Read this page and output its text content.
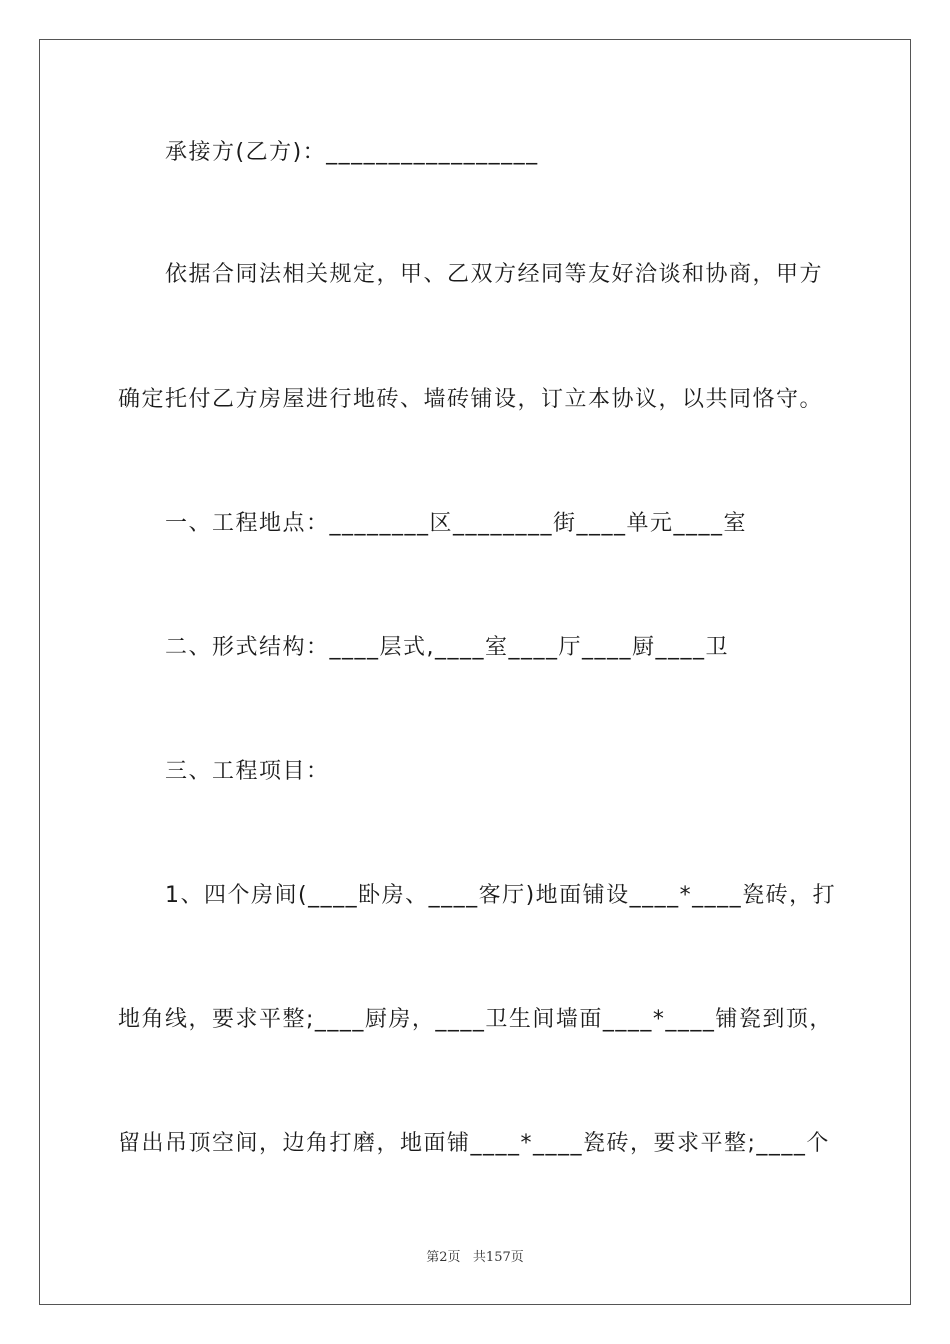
承接方(乙方)：_________________
依据合同法相关规定，甲、乙双方经同等友好洽谈和协商，甲方
确定托付乙方房屋进行地砖、墙砖铺设，订立本协议，以共同恪守。
一、工程地点：________区________街____单元____室
二、形式结构：____层式,____室____厅____厨____卫
三、工程项目：
1、四个房间(____卧房、____客厅)地面铺设____*____瓷砖，打
地角线，要求平整;____厨房，____卫生间墙面____*____铺瓷到顶，
留出吊顶空间，边角打磨，地面铺____*____瓷砖，要求平整;____个
第2页   共157页
